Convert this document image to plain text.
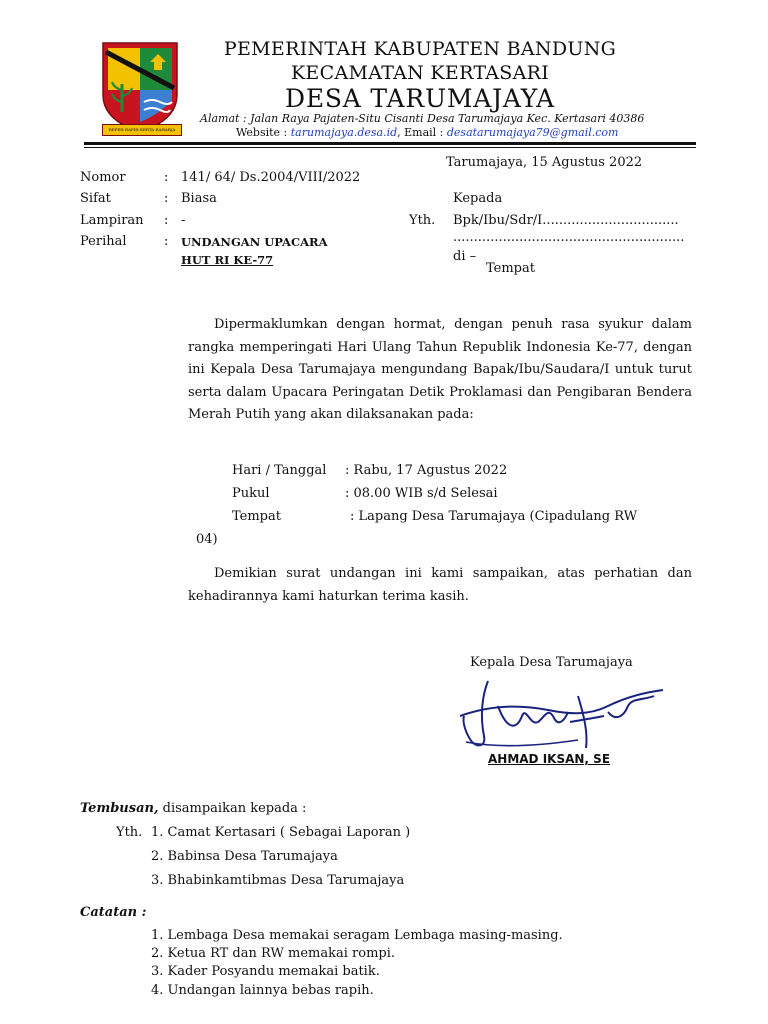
REPEH RAPIH KERTA RAHARJA
PEMERINTAH KABUPATEN BANDUNG
KECAMATAN KERTASARI
DESA TARUMAJAYA
Alamat : Jalan Raya Pajaten-Situ Cisanti Desa Tarumajaya Kec. Kertasari 40386
Website : tarumajaya.desa.id, Email : desatarumajaya79@gmail.com
Tarumajaya, 15 Agustus 2022
Nomor	: 141/ 64/ Ds.2004/VIII/2022
Sifat	: Biasa
Lampiran : -
Perihal	: UNDANGAN UPACARA
HUT RI KE-77
Kepada
Yth. Bpk/Ibu/Sdr/I.................................
........................................................
di –
Tempat
Dipermaklumkan dengan hormat, dengan penuh rasa syukur dalam rangka memperingati Hari Ulang Tahun Republik Indonesia Ke-77, dengan ini Kepala Desa Tarumajaya mengundang Bapak/Ibu/Saudara/I untuk turut serta dalam Upacara Peringatan Detik Proklamasi dan Pengibaran Bendera Merah Putih yang akan dilaksanakan pada:
Hari / Tanggal : Rabu, 17 Agustus 2022
Pukul	: 08.00 WIB s/d Selesai
Tempat	: Lapang Desa Tarumajaya (Cipadulang RW
04)
Demikian surat undangan ini kami sampaikan, atas perhatian dan kehadirannya kami haturkan terima kasih.
Kepala Desa Tarumajaya
AHMAD IKSAN, SE
Tembusan, disampaikan kepada :
Yth. 1. Camat Kertasari ( Sebagai Laporan )
2. Babinsa Desa Tarumajaya
3. Bhabinkamtibmas Desa Tarumajaya
Catatan :
1. Lembaga Desa memakai seragam Lembaga masing-masing.
2. Ketua RT dan RW memakai rompi.
3. Kader Posyandu memakai batik.
4. Undangan lainnya bebas rapih.
